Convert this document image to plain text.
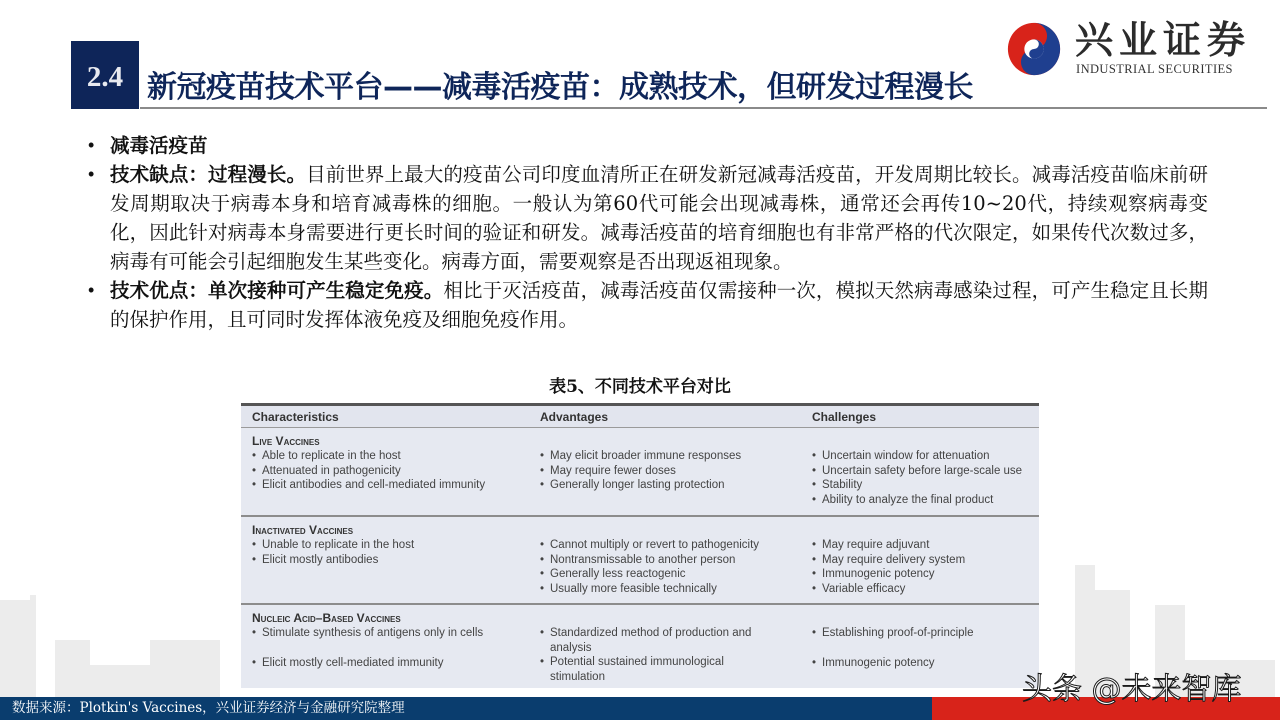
2.4 新冠疫苗技术平台——减毒活疫苗：成熟技术，但研发过程漫长
兴业证券
INDUSTRIAL SECURITIES
• 减毒活疫苗
• 技术缺点：过程漫长。目前世界上最大的疫苗公司印度血清所正在研发新冠减毒活疫苗，开发周期比较长。减毒活疫苗临床前研发周期取决于病毒本身和培育减毒株的细胞。一般认为第60代可能会出现减毒株，通常还会再传10~20代，持续观察病毒变化，因此针对病毒本身需要进行更长时间的验证和研发。减毒活疫苗的培育细胞也有非常严格的代次限定，如果传代次数过多，病毒有可能会引起细胞发生某些变化。病毒方面，需要观察是否出现返祖现象。
• 技术优点：单次接种可产生稳定免疫。相比于灭活疫苗，减毒活疫苗仅需接种一次，模拟天然病毒感染过程，可产生稳定且长期的保护作用，且可同时发挥体液免疫及细胞免疫作用。
表5、不同技术平台对比
Characteristics	Advantages	Challenges
Live Vaccines
• Able to replicate in the host
• Attenuated in pathogenicity
• Elicit antibodies and cell-mediated immunity
• May elicit broader immune responses
• May require fewer doses
• Generally longer lasting protection
• Uncertain window for attenuation
• Uncertain safety before large-scale use
• Stability
• Ability to analyze the final product
Inactivated Vaccines
• Unable to replicate in the host
• Elicit mostly antibodies
• Cannot multiply or revert to pathogenicity
• Nontransmissable to another person
• Generally less reactogenic
• Usually more feasible technically
• May require adjuvant
• May require delivery system
• Immunogenic potency
• Variable efficacy
Nucleic Acid–Based Vaccines
• Stimulate synthesis of antigens only in cells
• Elicit mostly cell-mediated immunity
• Standardized method of production and analysis
• Potential sustained immunological stimulation
• Establishing proof-of-principle
• Immunogenic potency
数据来源：Plotkin's Vaccines，兴业证券经济与金融研究院整理
头条 @未来智库
